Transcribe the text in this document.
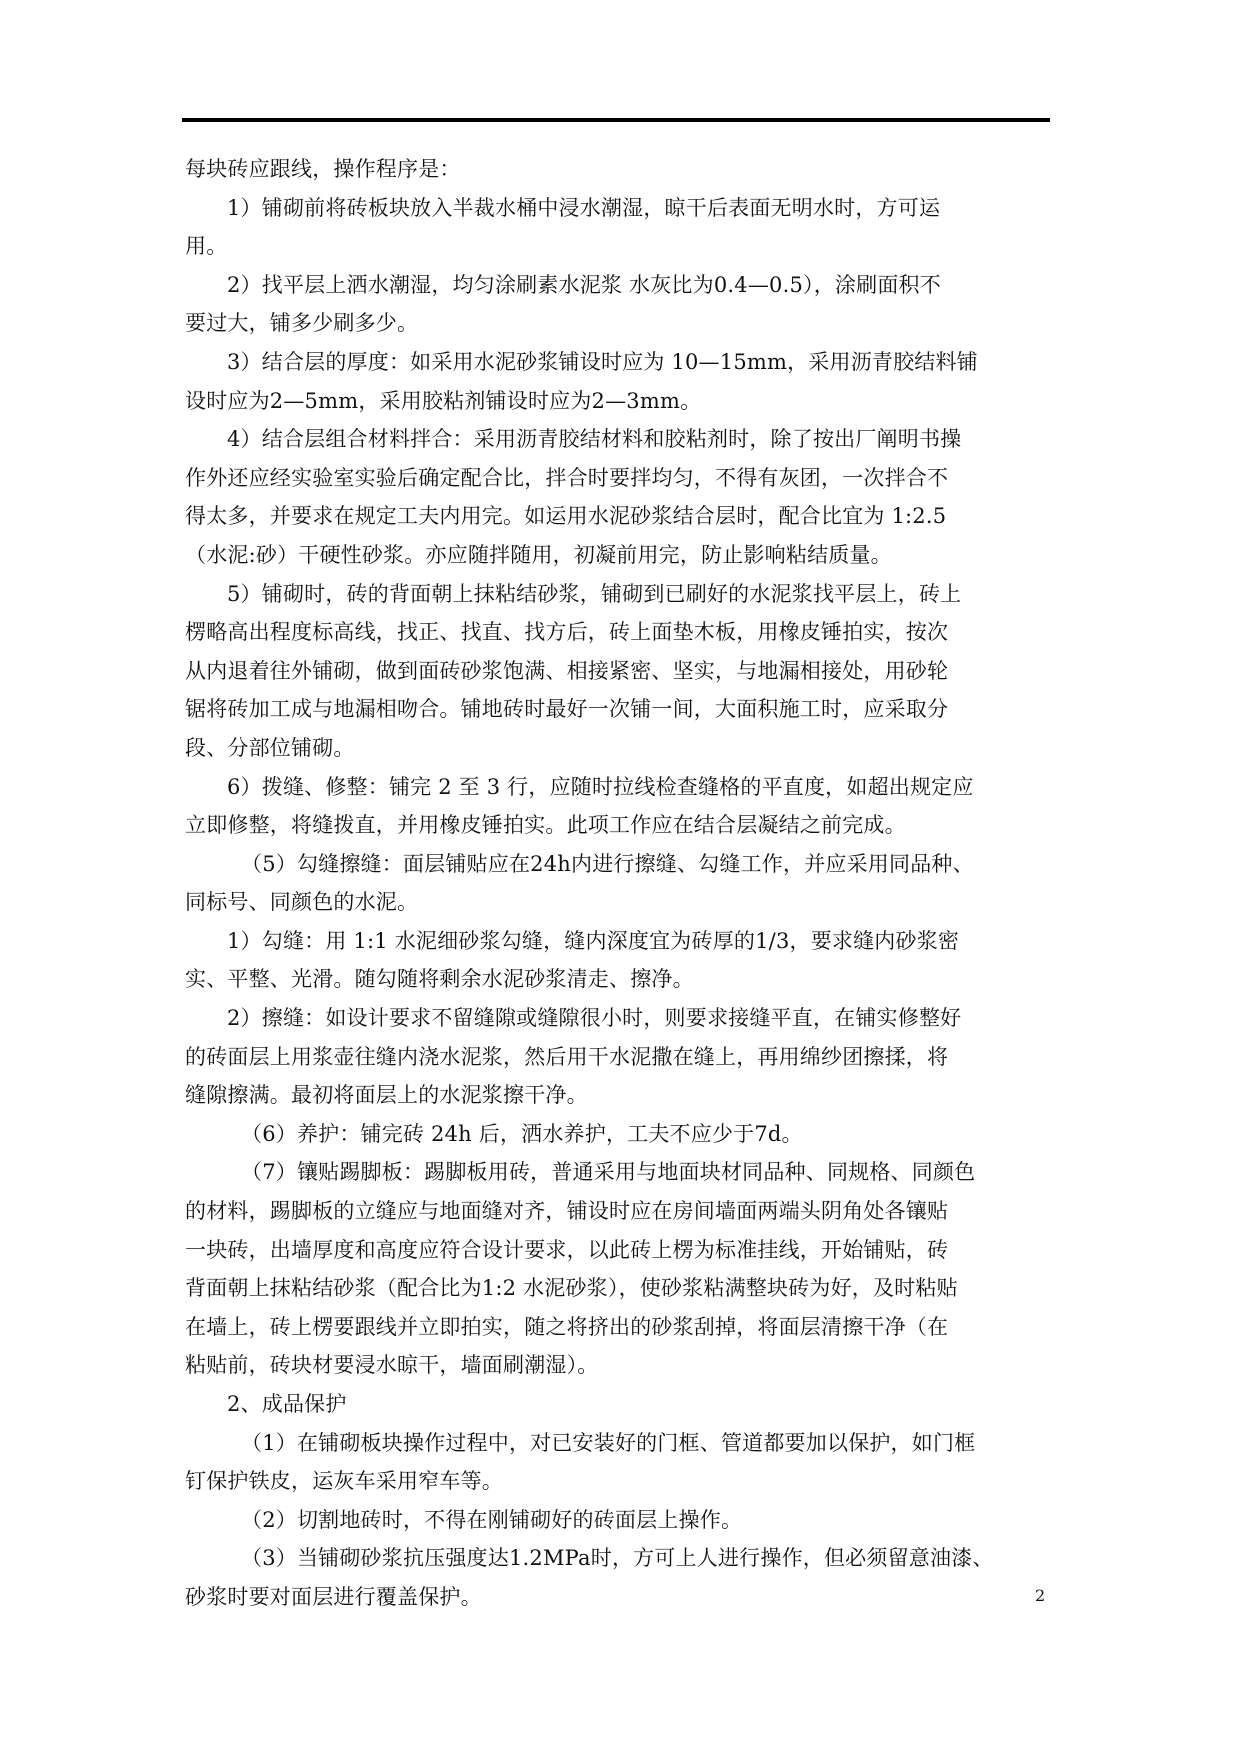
每块砖应跟线，操作程序是：
1）铺砌前将砖板块放入半裁水桶中浸水潮湿，晾干后表面无明水时，方可运
用。
2）找平层上洒水潮湿，均匀涂刷素水泥浆 水灰比为0.4—0.5），涂刷面积不
要过大，铺多少刷多少。
3）结合层的厚度：如采用水泥砂浆铺设时应为 10—15mm，采用沥青胶结料铺
设时应为2—5mm，采用胶粘剂铺设时应为2—3mm。
4）结合层组合材料拌合：采用沥青胶结材料和胶粘剂时，除了按出厂阐明书操
作外还应经实验室实验后确定配合比，拌合时要拌均匀，不得有灰团，一次拌合不
得太多，并要求在规定工夫内用完。如运用水泥砂浆结合层时，配合比宜为 1:2.5
（水泥:砂）干硬性砂浆。亦应随拌随用，初凝前用完，防止影响粘结质量。
5）铺砌时，砖的背面朝上抹粘结砂浆，铺砌到已刷好的水泥浆找平层上，砖上
楞略高出程度标高线，找正、找直、找方后，砖上面垫木板，用橡皮锤拍实，按次
从内退着往外铺砌，做到面砖砂浆饱满、相接紧密、坚实，与地漏相接处，用砂轮
锯将砖加工成与地漏相吻合。铺地砖时最好一次铺一间，大面积施工时，应采取分
段、分部位铺砌。
6）拨缝、修整：铺完 2 至 3 行，应随时拉线检查缝格的平直度，如超出规定应
立即修整，将缝拨直，并用橡皮锤拍实。此项工作应在结合层凝结之前完成。
（5）勾缝擦缝：面层铺贴应在24h内进行擦缝、勾缝工作，并应采用同品种、
同标号、同颜色的水泥。
1）勾缝：用 1:1 水泥细砂浆勾缝，缝内深度宜为砖厚的1/3，要求缝内砂浆密
实、平整、光滑。随勾随将剩余水泥砂浆清走、擦净。
2）擦缝：如设计要求不留缝隙或缝隙很小时，则要求接缝平直，在铺实修整好
的砖面层上用浆壶往缝内浇水泥浆，然后用干水泥撒在缝上，再用绵纱团擦揉，将
缝隙擦满。最初将面层上的水泥浆擦干净。
（6）养护：铺完砖 24h 后，洒水养护，工夫不应少于7d。
（7）镶贴踢脚板：踢脚板用砖，普通采用与地面块材同品种、同规格、同颜色
的材料，踢脚板的立缝应与地面缝对齐，铺设时应在房间墙面两端头阴角处各镶贴
一块砖，出墙厚度和高度应符合设计要求，以此砖上楞为标准挂线，开始铺贴，砖
背面朝上抹粘结砂浆（配合比为1:2 水泥砂浆），使砂浆粘满整块砖为好，及时粘贴
在墙上，砖上楞要跟线并立即拍实，随之将挤出的砂浆刮掉，将面层清擦干净（在
粘贴前，砖块材要浸水晾干，墙面刷潮湿）。
2、成品保护
（1）在铺砌板块操作过程中，对已安装好的门框、管道都要加以保护，如门框
钉保护铁皮，运灰车采用窄车等。
（2）切割地砖时，不得在刚铺砌好的砖面层上操作。
（3）当铺砌砂浆抗压强度达1.2MPa时，方可上人进行操作，但必须留意油漆、
砂浆时要对面层进行覆盖保护。	2
